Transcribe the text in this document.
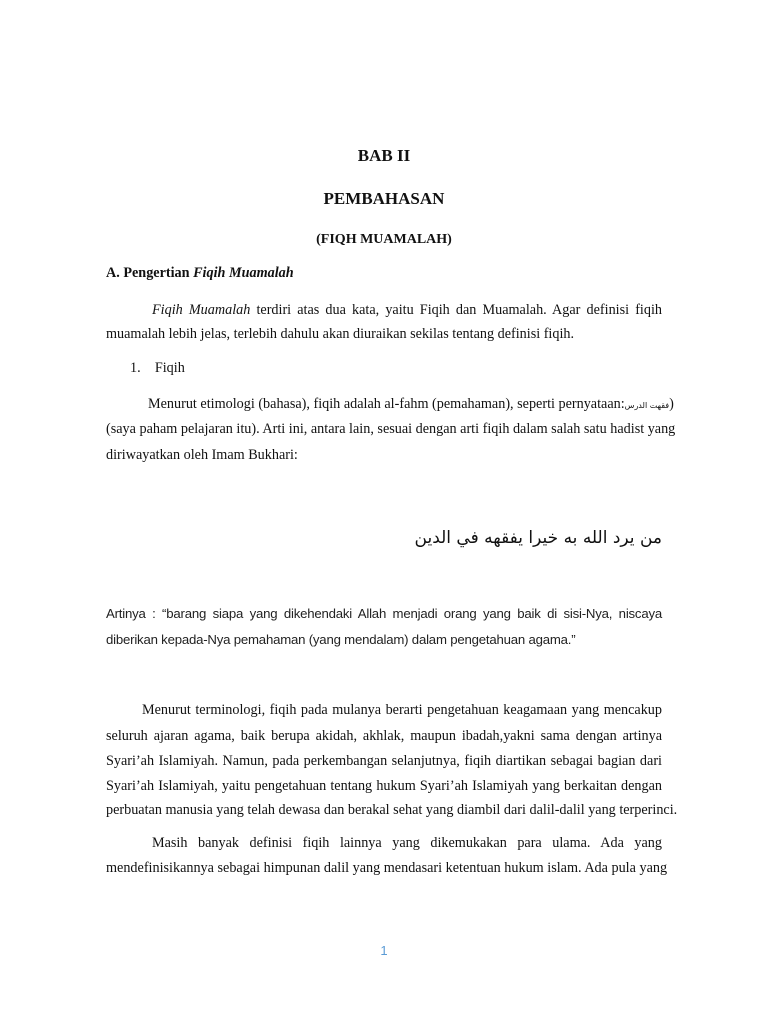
BAB II
PEMBAHASAN
(FIQH MUAMALAH)
A. Pengertian Fiqih Muamalah
Fiqih Muamalah terdiri atas dua kata, yaitu Fiqih dan Muamalah. Agar definisi fiqih
muamalah lebih jelas, terlebih dahulu akan diuraikan sekilas tentang definisi fiqih.
1. Fiqih
Menurut etimologi (bahasa), fiqih adalah al-fahm (pemahaman), seperti pernyataan:فقهت الدرس)
(saya paham pelajaran itu). Arti ini, antara lain, sesuai dengan arti fiqih dalam salah satu hadist yang
diriwayatkan oleh Imam Bukhari:
من يرد الله به خيرا يفقهه في الدين
Artinya : “barang siapa yang dikehendaki Allah menjadi orang yang baik di sisi-Nya, niscaya
diberikan kepada-Nya pemahaman (yang mendalam) dalam pengetahuan agama.”
Menurut terminologi, fiqih pada mulanya berarti pengetahuan keagamaan yang mencakup
seluruh ajaran agama, baik berupa akidah, akhlak, maupun ibadah,yakni sama dengan artinya
Syari’ah Islamiyah. Namun, pada perkembangan selanjutnya, fiqih diartikan sebagai bagian dari
Syari’ah Islamiyah, yaitu pengetahuan tentang hukum Syari’ah Islamiyah yang berkaitan dengan
perbuatan manusia yang telah dewasa dan berakal sehat yang diambil dari dalil-dalil yang terperinci.
Masih banyak definisi fiqih lainnya yang dikemukakan para ulama. Ada yang
mendefinisikannya sebagai himpunan dalil yang mendasari ketentuan hukum islam. Ada pula yang
1
